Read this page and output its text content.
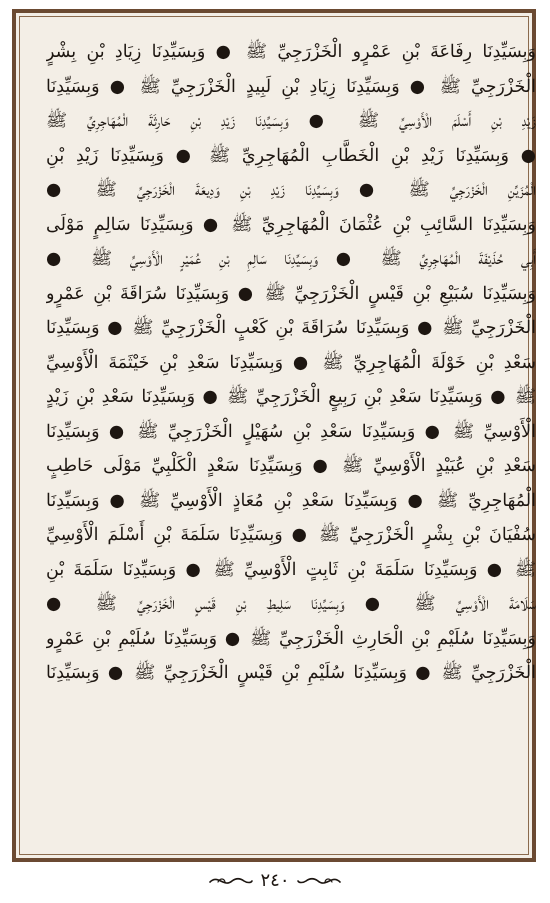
وَبِسَيِّدِنَا رِفَاعَةَ بْنِ عَمْرٍو الْخَزْرَجِيِّ ﷺ ● وَبِسَيِّدِنَا زِيَادِ بْنِ بِشْرٍ
الْخَزْرَجِيِّ ﷺ ● وَبِسَيِّدِنَا زِيَادِ بْنِ لَبِيدٍ الْخَزْرَجِيِّ ﷺ ● وَبِسَيِّدِنَا
زَيْدِ بْنِ أَسْلَمَ الْأَوْسِيِّ ﷺ ● وَبِسَيِّدِنَا زَيْدِ بْنِ حَارِثَةَ الْمُهَاجِرِيِّ ﷺ
● وَبِسَيِّدِنَا زَيْدِ بْنِ الْخَطَّابِ الْمُهَاجِرِيِّ ﷺ ● وَبِسَيِّدِنَا زَيْدِ بْنِ
الْمُزَيِّنِ الْخَزْرَجِيِّ ﷺ ● وَبِسَيِّدِنَا زَيْدِ بْنِ وَدِيعَةَ الْخَزْرَجِيِّ ﷺ ●
وَبِسَيِّدِنَا السَّائِبِ بْنِ عُثْمَانَ الْمُهَاجِرِيِّ ﷺ ● وَبِسَيِّدِنَا سَالِمٍ مَوْلَى
أَبِي حُذَيْفَةَ الْمُهَاجِرِيِّ ﷺ ● وَبِسَيِّدِنَا سَالِمِ بْنِ عُمَيْرٍ الْأَوْسِيِّ ﷺ ●
وَبِسَيِّدِنَا سُبَيْعِ بْنِ قَيْسٍ الْخَزْرَجِيِّ ﷺ ● وَبِسَيِّدِنَا سُرَاقَةَ بْنِ عَمْرٍو
الْخَزْرَجِيِّ ﷺ ● وَبِسَيِّدِنَا سُرَاقَةَ بْنِ كَعْبٍ الْخَزْرَجِيِّ ﷺ ● وَبِسَيِّدِنَا
سَعْدِ بْنِ خَوْلَةَ الْمُهَاجِرِيِّ ﷺ ● وَبِسَيِّدِنَا سَعْدِ بْنِ خَيْثَمَةَ الْأَوْسِيِّ
ﷺ ● وَبِسَيِّدِنَا سَعْدِ بْنِ رَبِيعٍ الْخَزْرَجِيِّ ﷺ ● وَبِسَيِّدِنَا سَعْدِ بْنِ زَيْدٍ
الْأَوْسِيِّ ﷺ ● وَبِسَيِّدِنَا سَعْدِ بْنِ سُهَيْلٍ الْخَزْرَجِيِّ ﷺ ● وَبِسَيِّدِنَا
سَعْدِ بْنِ عُبَيْدٍ الْأَوْسِيِّ ﷺ ● وَبِسَيِّدِنَا سَعْدٍ الْكَلْبِيِّ مَوْلَى حَاطِبٍ
الْمُهَاجِرِيِّ ﷺ ● وَبِسَيِّدِنَا سَعْدِ بْنِ مُعَاذٍ الْأَوْسِيِّ ﷺ ● وَبِسَيِّدِنَا
سُفْيَانَ بْنِ بِشْرٍ الْخَزْرَجِيِّ ﷺ ● وَبِسَيِّدِنَا سَلَمَةَ بْنِ أَسْلَمَ الْأَوْسِيِّ
ﷺ ● وَبِسَيِّدِنَا سَلَمَةَ بْنِ ثَابِتٍ الْأَوْسِيِّ ﷺ ● وَبِسَيِّدِنَا سَلَمَةَ بْنِ
سَلَامَةَ الْأَوْسِيِّ ﷺ ● وَبِسَيِّدِنَا سَلِيطِ بْنِ قَيْسٍ الْخَزْرَجِيِّ ﷺ ●
وَبِسَيِّدِنَا سُلَيْمِ بْنِ الْحَارِثِ الْخَزْرَجِيِّ ﷺ ● وَبِسَيِّدِنَا سُلَيْمِ بْنِ عَمْرٍو
الْخَزْرَجِيِّ ﷺ ● وَبِسَيِّدِنَا سُلَيْمِ بْنِ قَيْسٍ الْخَزْرَجِيِّ ﷺ ● وَبِسَيِّدِنَا
٢٤٠
